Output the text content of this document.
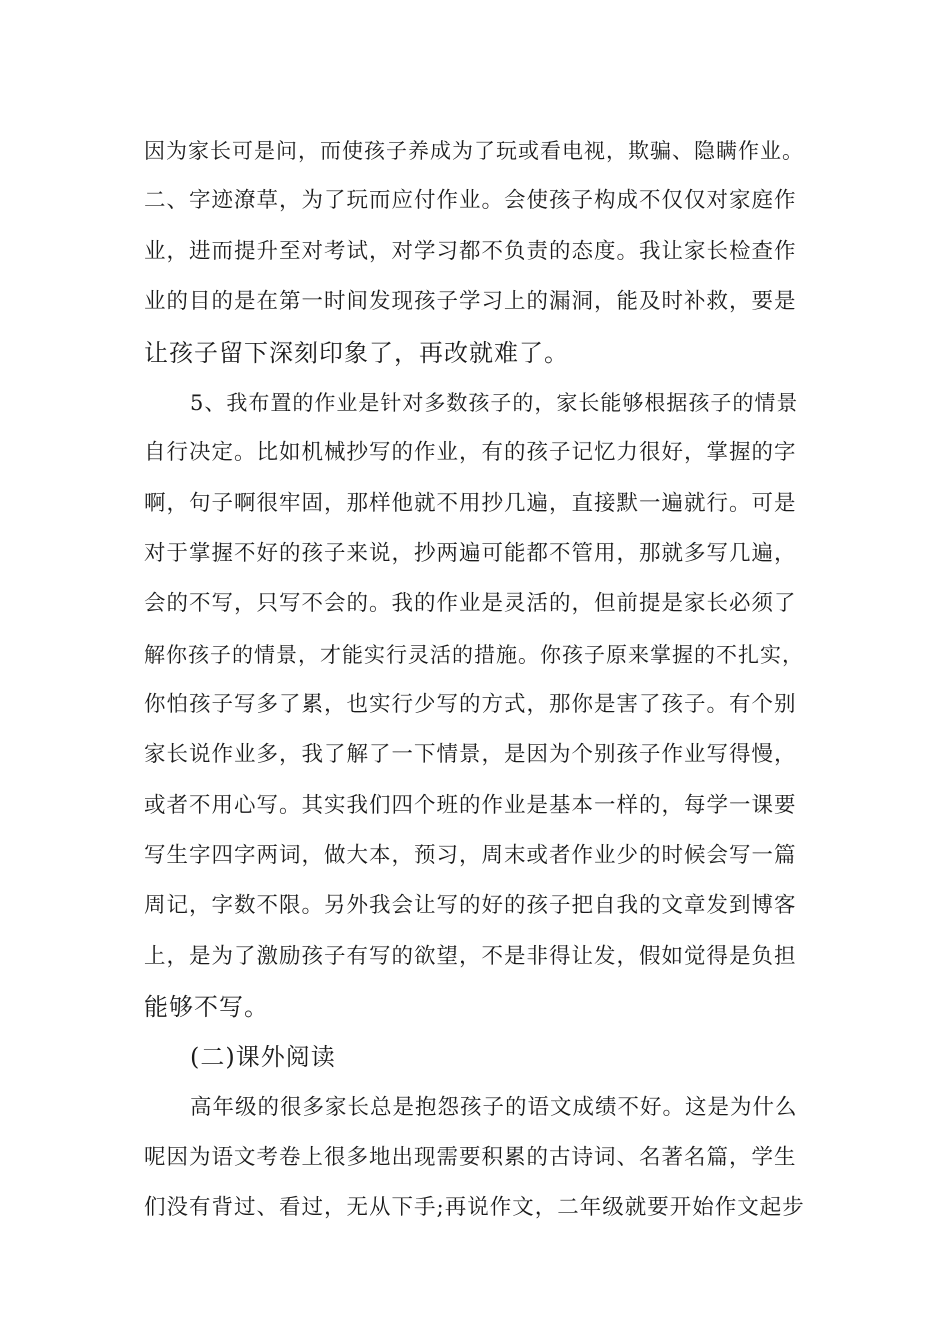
因为家长可是问，而使孩子养成为了玩或看电视，欺骗、隐瞒作业。
二、字迹潦草，为了玩而应付作业。会使孩子构成不仅仅对家庭作
业，进而提升至对考试，对学习都不负责的态度。我让家长检查作
业的目的是在第一时间发现孩子学习上的漏洞，能及时补救，要是
让孩子留下深刻印象了，再改就难了。
5、我布置的作业是针对多数孩子的，家长能够根据孩子的情景
自行决定。比如机械抄写的作业，有的孩子记忆力很好，掌握的字
啊，句子啊很牢固，那样他就不用抄几遍，直接默一遍就行。可是
对于掌握不好的孩子来说，抄两遍可能都不管用，那就多写几遍，
会的不写，只写不会的。我的作业是灵活的，但前提是家长必须了
解你孩子的情景，才能实行灵活的措施。你孩子原来掌握的不扎实，
你怕孩子写多了累，也实行少写的方式，那你是害了孩子。有个别
家长说作业多，我了解了一下情景，是因为个别孩子作业写得慢，
或者不用心写。其实我们四个班的作业是基本一样的，每学一课要
写生字四字两词，做大本，预习，周末或者作业少的时候会写一篇
周记，字数不限。另外我会让写的好的孩子把自我的文章发到博客
上，是为了激励孩子有写的欲望，不是非得让发，假如觉得是负担
能够不写。
(二)课外阅读
高年级的很多家长总是抱怨孩子的语文成绩不好。这是为什么
呢因为语文考卷上很多地出现需要积累的古诗词、名著名篇，学生
们没有背过、看过，无从下手;再说作文，二年级就要开始作文起步
